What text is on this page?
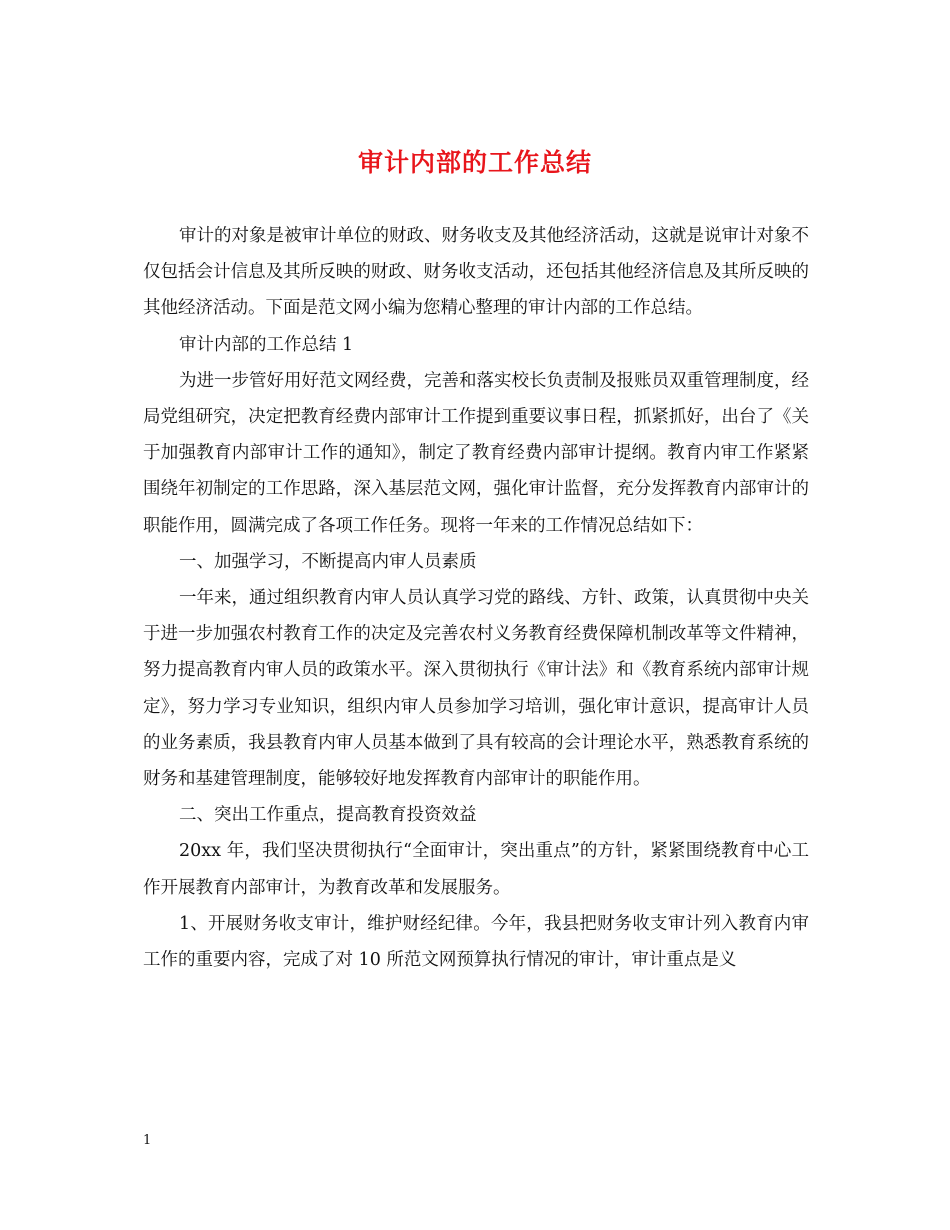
审计内部的工作总结

审计的对象是被审计单位的财政、财务收支及其他经济活动，这就是说审计对象不仅包括会计信息及其所反映的财政、财务收支活动，还包括其他经济信息及其所反映的其他经济活动。下面是范文网小编为您精心整理的审计内部的工作总结。

审计内部的工作总结 1

为进一步管好用好范文网经费，完善和落实校长负责制及报账员双重管理制度，经局党组研究，决定把教育经费内部审计工作提到重要议事日程，抓紧抓好，出台了《关于加强教育内部审计工作的通知》，制定了教育经费内部审计提纲。教育内审工作紧紧围绕年初制定的工作思路，深入基层范文网，强化审计监督，充分发挥教育内部审计的职能作用，圆满完成了各项工作任务。现将一年来的工作情况总结如下：

一、加强学习，不断提高内审人员素质

一年来，通过组织教育内审人员认真学习党的路线、方针、政策，认真贯彻中央关于进一步加强农村教育工作的决定及完善农村义务教育经费保障机制改革等文件精神，努力提高教育内审人员的政策水平。深入贯彻执行《审计法》和《教育系统内部审计规定》，努力学习专业知识，组织内审人员参加学习培训，强化审计意识，提高审计人员的业务素质，我县教育内审人员基本做到了具有较高的会计理论水平，熟悉教育系统的财务和基建管理制度，能够较好地发挥教育内部审计的职能作用。

二、突出工作重点，提高教育投资效益

20xx 年，我们坚决贯彻执行“全面审计，突出重点”的方针，紧紧围绕教育中心工作开展教育内部审计，为教育改革和发展服务。

1、开展财务收支审计，维护财经纪律。今年，我县把财务收支审计列入教育内审工作的重要内容，完成了对 10 所范文网预算执行情况的审计，审计重点是义

1
